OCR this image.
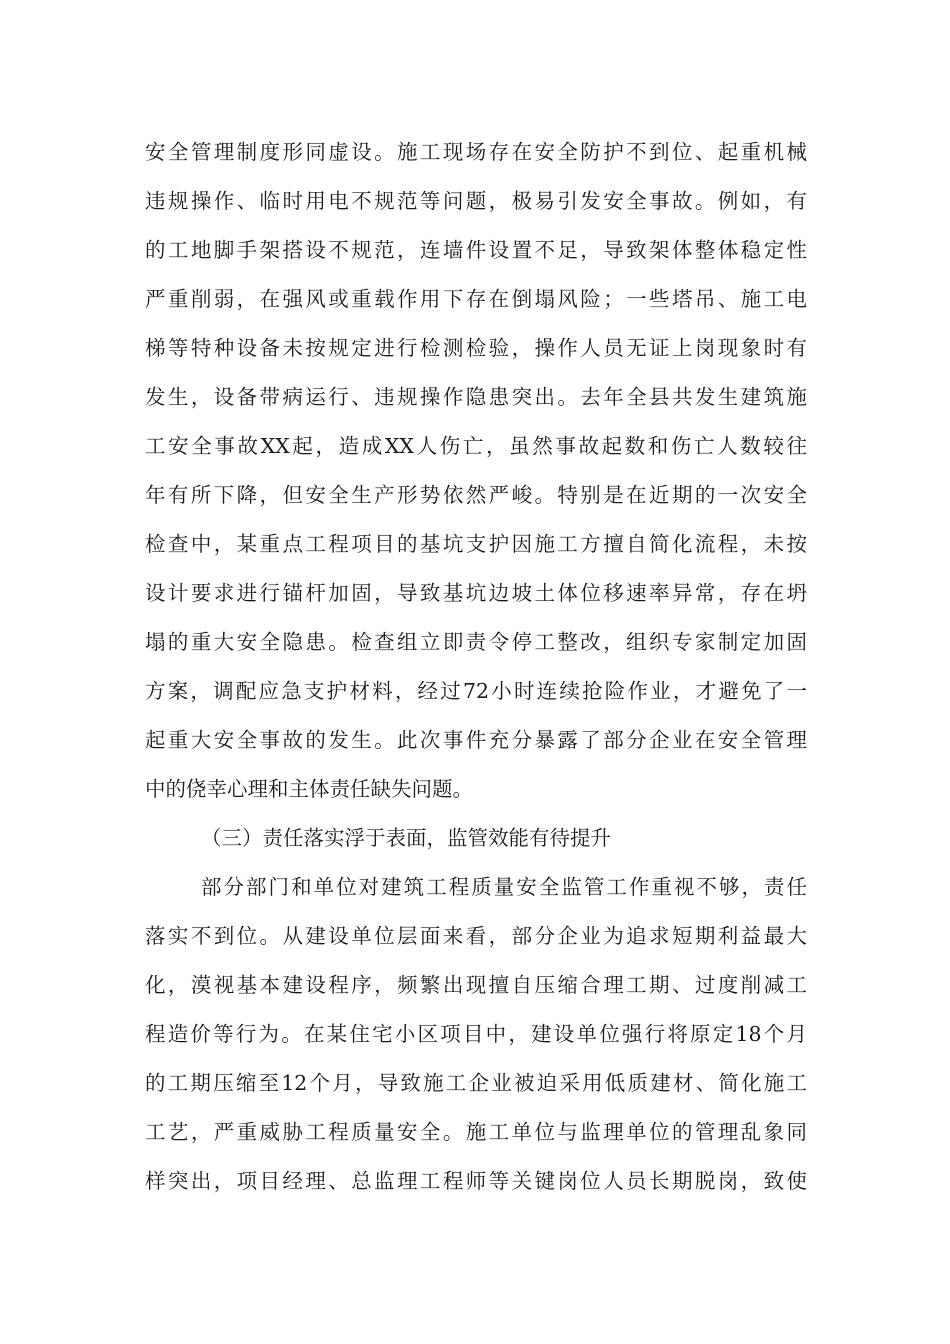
安全管理制度形同虚设。施工现场存在安全防护不到位、起重机械
违规操作、临时用电不规范等问题，极易引发安全事故。例如，有
的工地脚手架搭设不规范，连墙件设置不足，导致架体整体稳定性
严重削弱，在强风或重载作用下存在倒塌风险；一些塔吊、施工电
梯等特种设备未按规定进行检测检验，操作人员无证上岗现象时有
发生，设备带病运行、违规操作隐患突出。去年全县共发生建筑施
工安全事故XX起，造成XX人伤亡，虽然事故起数和伤亡人数较往
年有所下降，但安全生产形势依然严峻。特别是在近期的一次安全
检查中，某重点工程项目的基坑支护因施工方擅自简化流程，未按
设计要求进行锚杆加固，导致基坑边坡土体位移速率异常，存在坍
塌的重大安全隐患。检查组立即责令停工整改，组织专家制定加固
方案，调配应急支护材料，经过72小时连续抢险作业，才避免了一
起重大安全事故的发生。此次事件充分暴露了部分企业在安全管理
中的侥幸心理和主体责任缺失问题。
（三）责任落实浮于表面，监管效能有待提升
部分部门和单位对建筑工程质量安全监管工作重视不够，责任
落实不到位。从建设单位层面来看，部分企业为追求短期利益最大
化，漠视基本建设程序，频繁出现擅自压缩合理工期、过度削减工
程造价等行为。在某住宅小区项目中，建设单位强行将原定18个月
的工期压缩至12个月，导致施工企业被迫采用低质建材、简化施工
工艺，严重威胁工程质量安全。施工单位与监理单位的管理乱象同
样突出，项目经理、总监理工程师等关键岗位人员长期脱岗，致使
